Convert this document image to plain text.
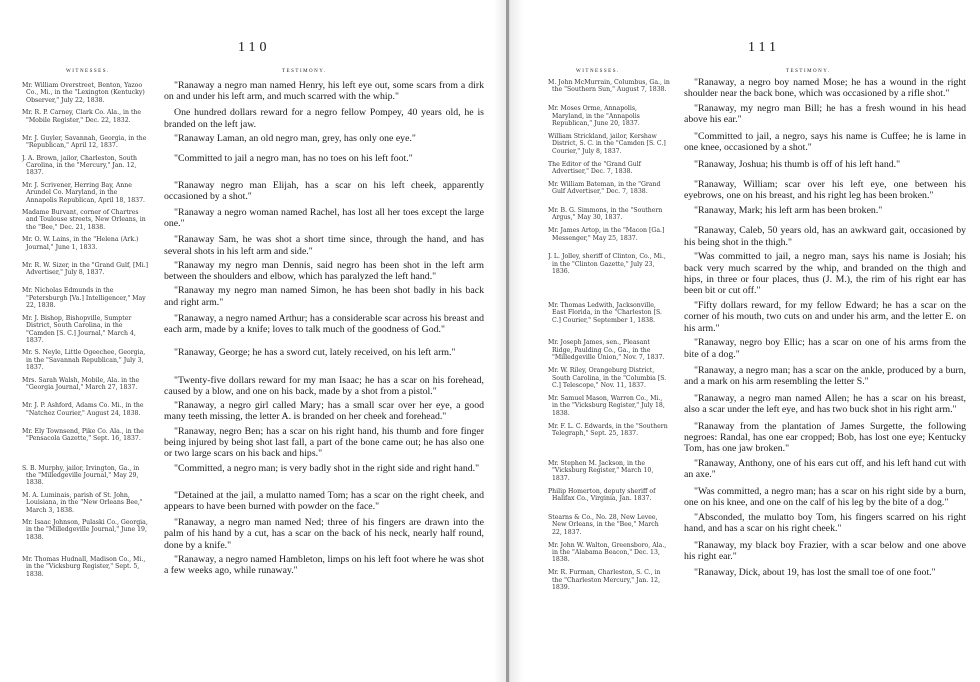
110
WITNESSES.	TESTIMONY.
Mr. William Overstreet, Benton, Yazoo Co., Mi., in the "Lexington (Kentucky) Observer," July 22, 1838.
"Ranaway a negro man named Henry, his left eye out, some scars from a dirk on and under his left arm, and much scarred with the whip."
Mr. R. P. Carney, Clark Co. Ala., in the "Mobile Register," Dec. 22, 1832.
One hundred dollars reward for a negro fellow Pompey, 40 years old, he is branded on the left jaw.
Mr. J. Guyler, Savannah, Georgia, in the "Republican," April 12, 1837.
"Ranaway Laman, an old negro man, grey, has only one eye."
J. A. Brown, jailor, Charleston, South Carolina, in the "Mercury," Jan. 12, 1837.
"Committed to jail a negro man, has no toes on his left foot."
Mr. J. Scrivener, Herring Bay, Anne Arundel Co. Maryland, in the Annapolis Republican, April 18, 1837.
"Ranaway negro man Elijah, has a scar on his left cheek, apparently occasioned by a shot."
Madame Burvant, corner of Chartres and Toulouse streets, New Orleans, in the "Bee," Dec. 21, 1838.
"Ranaway a negro woman named Rachel, has lost all her toes except the large one."
Mr. O. W. Lains, in the "Helena (Ark.) Journal," June 1, 1833.
"Ranaway Sam, he was shot a short time since, through the hand, and has several shots in his left arm and side."
Mr. R. W. Sizer, in the "Grand Gulf, [Mi.] Advertiser," July 8, 1837.
"Ranaway my negro man Dennis, said negro has been shot in the left arm between the shoulders and elbow, which has paralyzed the left hand."
Mr. Nicholas Edmunds in the "Petersburgh [Va.] Intelligencer," May 22, 1838.
"Ranaway my negro man named Simon, he has been shot badly in his back and right arm."
Mr. J. Bishop, Bishopville, Sumpter District, South Carolina, in the "Camden [S. C.] Journal," March 4, 1837.
"Ranaway, a negro named Arthur; has a considerable scar across his breast and each arm, made by a knife; loves to talk much of the goodness of God."
Mr. S. Neyle, Little Ogeechee, Georgia, in the "Savannah Republican," July 3, 1837.
"Ranaway, George; he has a sword cut, lately received, on his left arm."
Mrs. Sarah Walsh, Mobile, Ala. in the "Georgia Journal," March 27, 1837.
"Twenty-five dollars reward for my man Isaac; he has a scar on his forehead, caused by a blow, and one on his back, made by a shot from a pistol."
Mr. J. P. Ashford, Adams Co. Mi., in the "Natchez Courier," August 24, 1838.
"Ranaway, a negro girl called Mary; has a small scar over her eye, a good many teeth missing, the letter A. is branded on her cheek and forehead."
Mr. Ely Townsend, Pike Co. Ala., in the "Pensacola Gazette," Sept. 16, 1837.
"Ranaway, negro Ben; has a scar on his right hand, his thumb and fore finger being injured by being shot last fall, a part of the bone came out; he has also one or two large scars on his back and hips."
S. B. Murphy, jailor, Irvington, Ga., in the "Milledgeville Journal," May 29, 1838.
"Committed, a negro man; is very badly shot in the right side and right hand."
M. A. Luminais, parish of St. John, Louisiana, in the "New Orleans Bee," March 3, 1838.
"Detained at the jail, a mulatto named Tom; has a scar on the right cheek, and appears to have been burned with powder on the face."
Mr. Isaac Johnson, Pulaski Co., Georgia, in the "Milledgeville Journal," June 19, 1838.
"Ranaway, a negro man named Ned; three of his fingers are drawn into the palm of his hand by a cut, has a scar on the back of his neck, nearly half round, done by a knife."
Mr. Thomas Hudnall, Madison Co., Mi., in the "Vicksburg Register," Sept. 5, 1838.
"Ranaway, a negro named Hambleton, limps on his left foot where he was shot a few weeks ago, while runaway."
111
WITNESSES.	TESTIMONY.
M. John McMurrain, Columbus, Ga., in the "Southern Sun," August 7, 1838.
"Ranaway, a negro boy named Mose; he has a wound in the right shoulder near the back bone, which was occasioned by a rifle shot."
Mr. Moses Orme, Annapolis, Maryland, in the "Annapolis Republican," June 20, 1837.
"Ranaway, my negro man Bill; he has a fresh wound in his head above his ear."
William Strickland, jailor, Kershaw District, S. C. in the "Camden [S. C.] Courier," July 8, 1837.
"Committed to jail, a negro, says his name is Cuffee; he is lame in one knee, occasioned by a shot."
The Editor of the "Grand Gulf Advertiser," Dec. 7, 1838.
"Ranaway, Joshua; his thumb is off of his left hand."
Mr. William Bateman, in the "Grand Gulf Advertiser," Dec. 7, 1838.
"Ranaway, William; scar over his left eye, one between his eyebrows, one on his breast, and his right leg has been broken."
Mr. B. G. Simmons, in the "Southern Argus," May 30, 1837.
"Ranaway, Mark; his left arm has been broken."
Mr. James Artop, in the "Macon [Ga.] Messenger," May 25, 1837.
"Ranaway, Caleb, 50 years old, has an awkward gait, occasioned by his being shot in the thigh."
J. L. Jolley, sheriff of Clinton, Co., Mi., in the "Clinton Gazette," July 23, 1836.
"Was committed to jail, a negro man, says his name is Josiah; his back very much scarred by the whip, and branded on the thigh and hips, in three or four places, thus (J. M.), the rim of his right ear has been bit or cut off."
Mr. Thomas Ledwith, Jacksonville, East Florida, in the "Charleston [S. C.] Courier," September 1, 1838.
"Fifty dollars reward, for my fellow Edward; he has a scar on the corner of his mouth, two cuts on and under his arm, and the letter E. on his arm."
Mr. Joseph James, sen., Pleasant Ridge, Paulding Co., Ga., in the "Milledgeville Union," Nov. 7, 1837.
"Ranaway, negro boy Ellic; has a scar on one of his arms from the bite of a dog."
Mr. W. Riley, Orangeburg District, South Carolina, in the "Columbia [S. C.] Telescope," Nov. 11, 1837.
"Ranaway, a negro man; has a scar on the ankle, produced by a burn, and a mark on his arm resembling the letter S."
Mr. Samuel Mason, Warren Co., Mi., in the "Vicksburg Register," July 18, 1838.
"Ranaway, a negro man named Allen; he has a scar on his breast, also a scar under the left eye, and has two buck shot in his right arm."
Mr. F. L. C. Edwards, in the "Southern Telegraph," Sept. 25, 1837.
"Ranaway from the plantation of James Surgette, the following negroes: Randal, has one ear cropped; Bob, has lost one eye; Kentucky Tom, has one jaw broken."
Mr. Stephen M. Jackson, in the "Vicksburg Register," March 10, 1837.
"Ranaway, Anthony, one of his ears cut off, and his left hand cut with an axe."
Philip Homerton, deputy sheriff of Halifax Co., Virginia, Jan. 1837.
"Was committed, a negro man; has a scar on his right side by a burn, one on his knee, and one on the calf of his leg by the bite of a dog."
Stearns & Co., No. 28, New Levee, New Orleans, in the "Bee," March 22, 1837.
"Absconded, the mulatto boy Tom, his fingers scarred on his right hand, and has a scar on his right cheek."
Mr. John W. Walton, Greensboro, Ala., in the "Alabama Beacon," Dec. 13, 1838.
"Ranaway, my black boy Frazier, with a scar below and one above his right ear."
Mr. R. Furman, Charleston, S. C., in the "Charleston Mercury," Jan. 12, 1839.
"Ranaway, Dick, about 19, has lost the small toe of one foot."
